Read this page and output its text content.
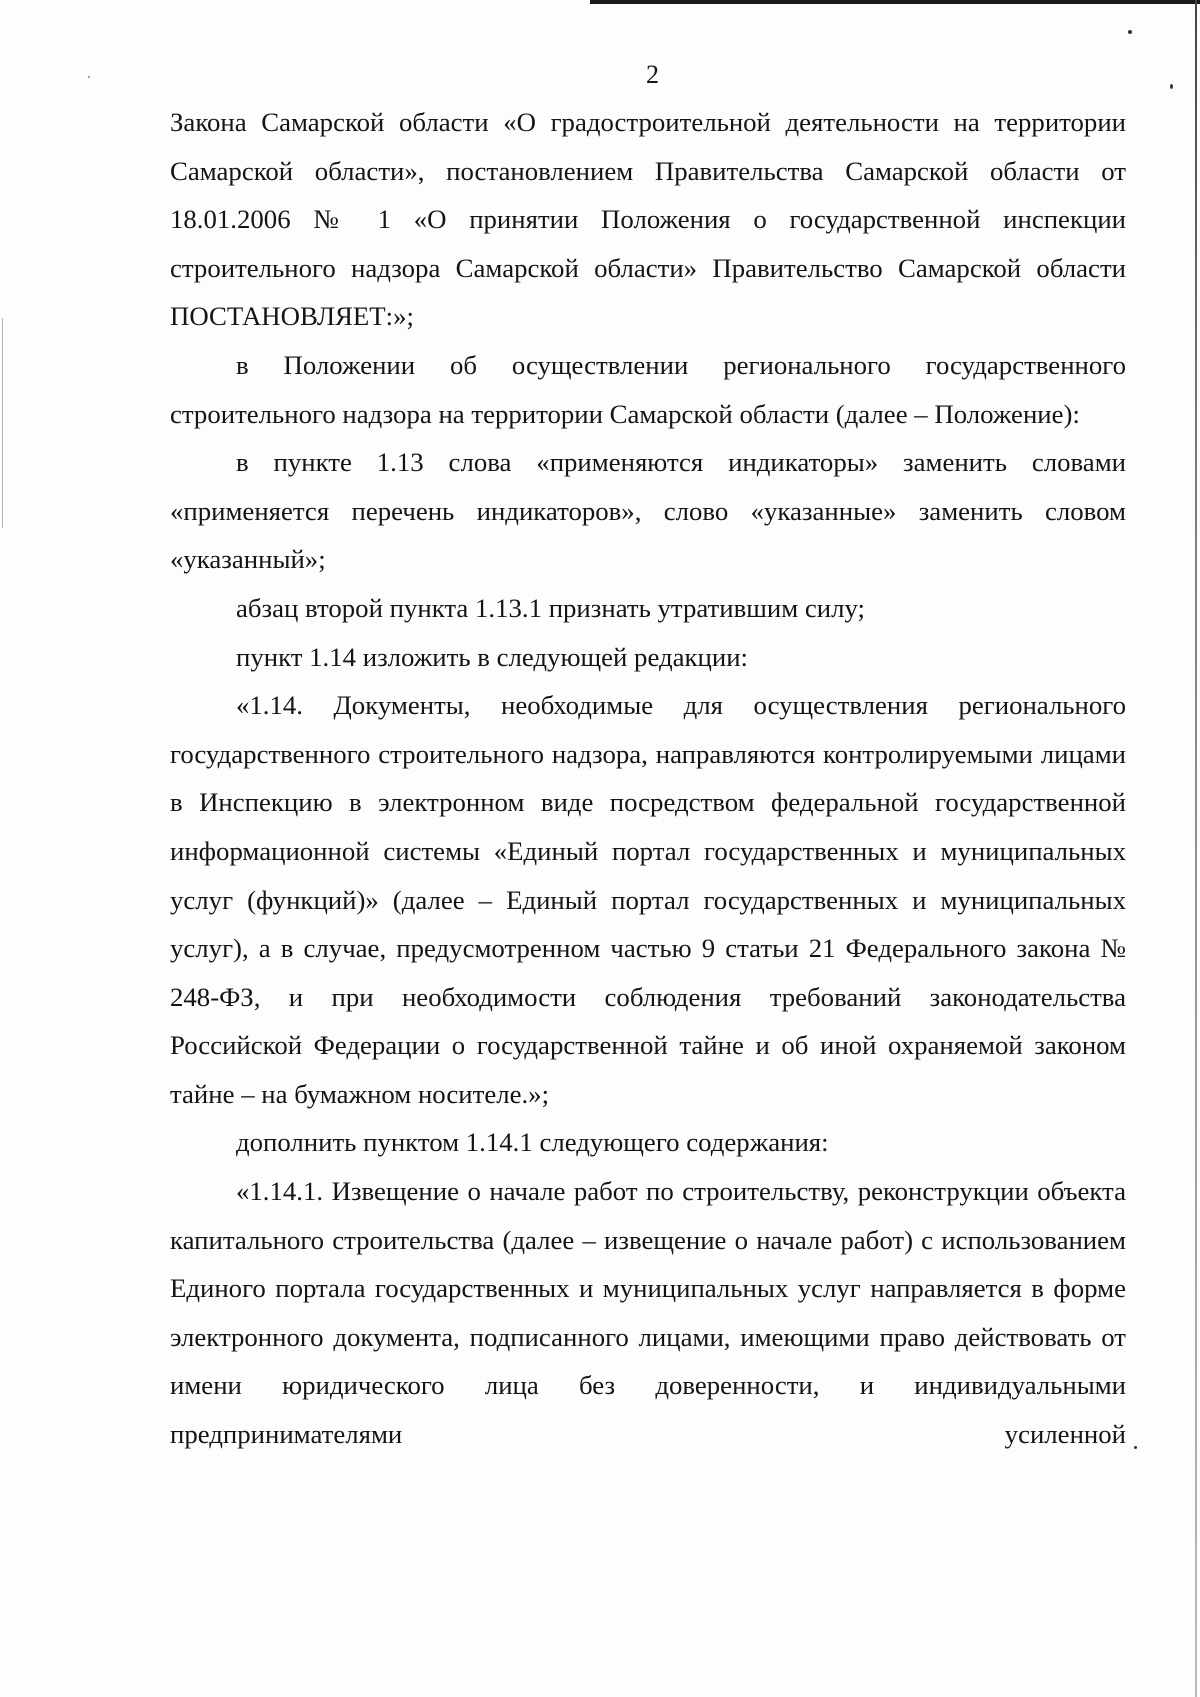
2

Закона Самарской области «О градостроительной деятельности на территории Самарской области», постановлением Правительства Самарской области от 18.01.2006 № 1 «О принятии Положения о государственной инспекции строительного надзора Самарской области» Правительство Самарской области ПОСТАНОВЛЯЕТ:»;

в Положении об осуществлении регионального государственного строительного надзора на территории Самарской области (далее – Положение):

в пункте 1.13 слова «применяются индикаторы» заменить словами «применяется перечень индикаторов», слово «указанные» заменить словом «указанный»;

абзац второй пункта 1.13.1 признать утратившим силу;

пункт 1.14 изложить в следующей редакции:

«1.14. Документы, необходимые для осуществления регионального государственного строительного надзора, направляются контролируемыми лицами в Инспекцию в электронном виде посредством федеральной государственной информационной системы «Единый портал государственных и муниципальных услуг (функций)» (далее – Единый портал государственных и муниципальных услуг), а в случае, предусмотренном частью 9 статьи 21 Федерального закона № 248-ФЗ, и при необходимости соблюдения требований законодательства Российской Федерации о государственной тайне и об иной охраняемой законом тайне – на бумажном носителе.»;

дополнить пунктом 1.14.1 следующего содержания:

«1.14.1. Извещение о начале работ по строительству, реконструкции объекта капитального строительства (далее – извещение о начале работ) с использованием Единого портала государственных и муниципальных услуг направляется в форме электронного документа, подписанного лицами, имеющими право действовать от имени юридического лица без доверенности, и индивидуальными предпринимателями усиленной
